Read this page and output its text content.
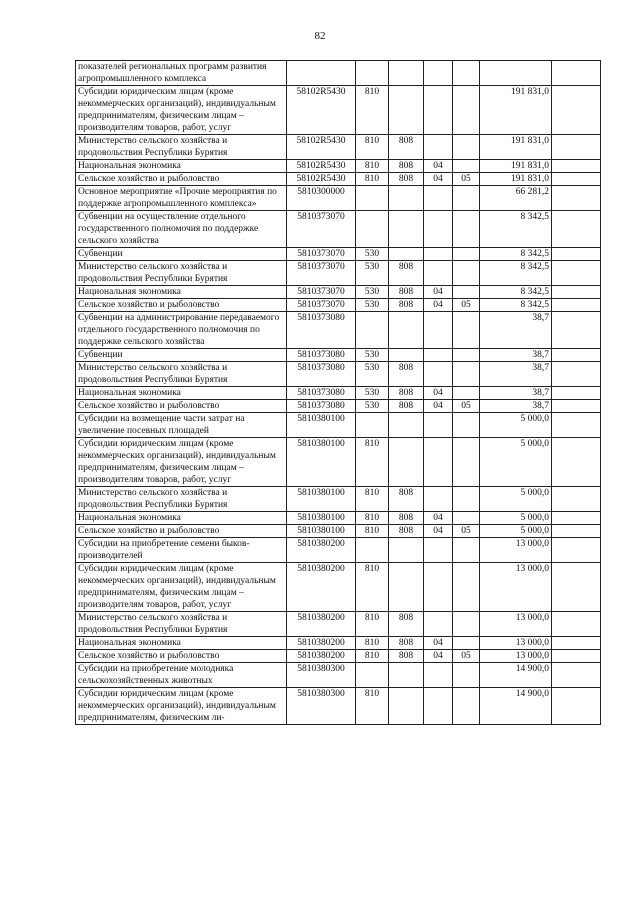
82
показателей региональных программ развития агропромышленного комплекса							
Субсидии юридическим лицам (кроме некоммерческих организаций), индивидуальным предпринимателям, физическим лицам – производителям товаров, работ, услуг	58102R5430	810				191 831,0	
Министерство сельского хозяйства и продовольствия Республики Бурятия	58102R5430	810	808			191 831,0	
Национальная экономика	58102R5430	810	808	04		191 831,0	
Сельское хозяйство и рыболовство	58102R5430	810	808	04	05	191 831,0	
Основное мероприятие «Прочие мероприятия по поддержке агропромышленного комплекса»	5810300000					66 281,2	
Субвенции на осуществление отдельного государственного полномочия по поддержке сельского хозяйства	5810373070					8 342,5	
Субвенции	5810373070	530				8 342,5	
Министерство сельского хозяйства и продовольствия Республики Бурятия	5810373070	530	808			8 342,5	
Национальная экономика	5810373070	530	808	04		8 342,5	
Сельское хозяйство и рыболовство	5810373070	530	808	04	05	8 342,5	
Субвенции на администрирование передаваемого отдельного государственного полномочия по поддержке сельского хозяйства	5810373080					38,7	
Субвенции	5810373080	530				38,7	
Министерство сельского хозяйства и продовольствия Республики Бурятия	5810373080	530	808			38,7	
Национальная экономика	5810373080	530	808	04		38,7	
Сельское хозяйство и рыболовство	5810373080	530	808	04	05	38,7	
Субсидии на возмещение части затрат на увеличение посевных площадей	5810380100					5 000,0	
Субсидии юридическим лицам (кроме некоммерческих организаций), индивидуальным предпринимателям, физическим лицам – производителям товаров, работ, услуг	5810380100	810				5 000,0	
Министерство сельского хозяйства и продовольствия Республики Бурятия	5810380100	810	808			5 000,0	
Национальная экономика	5810380100	810	808	04		5 000,0	
Сельское хозяйство и рыболовство	5810380100	810	808	04	05	5 000,0	
Субсидии на приобретение семени быков-производителей	5810380200					13 000,0	
Субсидии юридическим лицам (кроме некоммерческих организаций), индивидуальным предпринимателям, физическим лицам – производителям товаров, работ, услуг	5810380200	810				13 000,0	
Министерство сельского хозяйства и продовольствия Республики Бурятия	5810380200	810	808			13 000,0	
Национальная экономика	5810380200	810	808	04		13 000,0	
Сельское хозяйство и рыболовство	5810380200	810	808	04	05	13 000,0	
Субсидии на приобретение молодняка сельскохозяйственных животных	5810380300					14 900,0	
Субсидии юридическим лицам (кроме некоммерческих организаций), индивидуальным предпринимателям, физическим ли-	5810380300	810				14 900,0	
